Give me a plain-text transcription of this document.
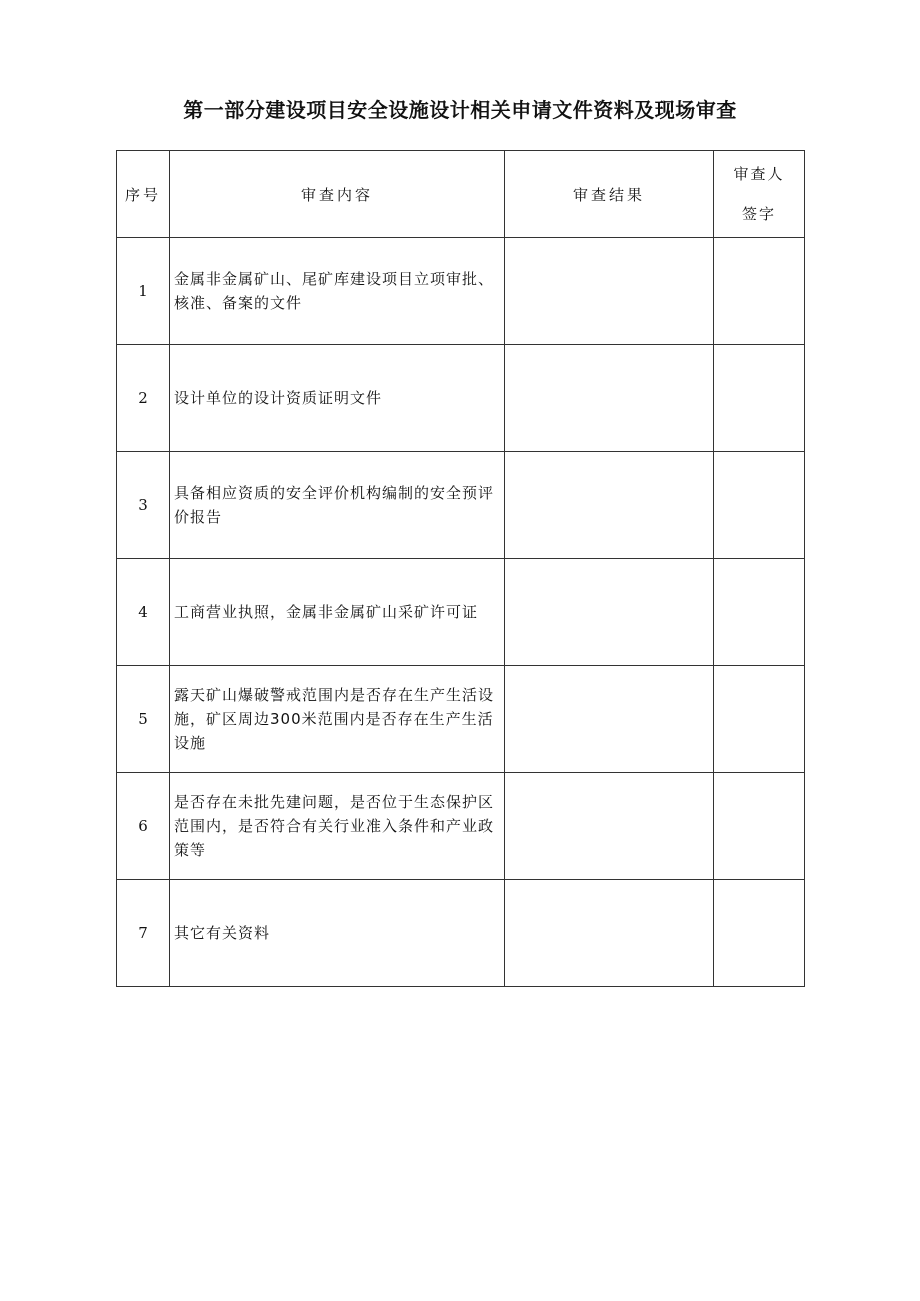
第一部分建设项目安全设施设计相关申请文件资料及现场审查
序号	审查内容	审查结果	审查人
签字

1	金属非金属矿山、尾矿库建设项目立项审批、核准、备案的文件		
2	设计单位的设计资质证明文件		
3	具备相应资质的安全评价机构编制的安全预评价报告		
4	工商营业执照，金属非金属矿山采矿许可证		
5	露天矿山爆破警戒范围内是否存在生产生活设施，矿区周边300米范围内是否存在生产生活设施		
6	是否存在未批先建问题，是否位于生态保护区范围内，是否符合有关行业准入条件和产业政策等		
7	其它有关资料		
